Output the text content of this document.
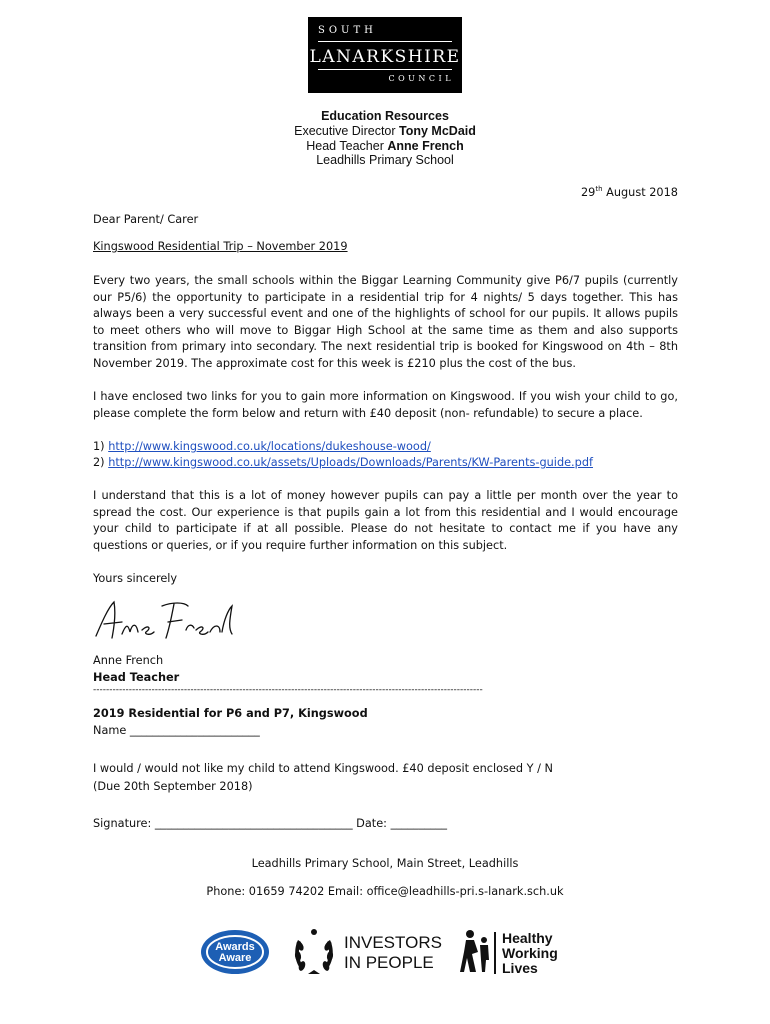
SOUTH
LANARKSHIRE
COUNCIL
Education Resources
Executive Director Tony McDaid
Head Teacher Anne French
Leadhills Primary School
29th August 2018
Dear Parent/ Carer
Kingswood Residential Trip – November 2019
Every two years, the small schools within the Biggar Learning Community give P6/7 pupils (currently our P5/6) the opportunity to participate in a residential trip for 4 nights/ 5 days together. This has always been a very successful event and one of the highlights of school for our pupils. It allows pupils to meet others who will move to Biggar High School at the same time as them and also supports transition from primary into secondary. The next residential trip is booked for Kingswood on 4th – 8th November 2019. The approximate cost for this week is £210 plus the cost of the bus.
I have enclosed two links for you to gain more information on Kingswood. If you wish your child to go, please complete the form below and return with £40 deposit (non- refundable) to secure a place.
1) http://www.kingswood.co.uk/locations/dukeshouse-wood/
2) http://www.kingswood.co.uk/assets/Uploads/Downloads/Parents/KW-Parents-guide.pdf
I understand that this is a lot of money however pupils can pay a little per month over the year to spread the cost. Our experience is that pupils gain a lot from this residential and I would encourage your child to participate if at all possible. Please do not hesitate to contact me if you have any questions or queries, or if you require further information on this subject.
Yours sincerely
Anne French
Head Teacher
------------------------------------------------------------------------------------------------------------------------
2019 Residential for P6 and P7, Kingswood
Name _______________________
I would / would not like my child to attend Kingswood. £40 deposit enclosed Y / N
(Due 20th September 2018)
Signature: ___________________________________ Date: __________
Leadhills Primary School, Main Street, Leadhills
Phone: 01659 74202 Email: office@leadhills-pri.s-lanark.sch.uk
Awards
Aware
INVESTORS
IN PEOPLE
Healthy
Working
Lives
